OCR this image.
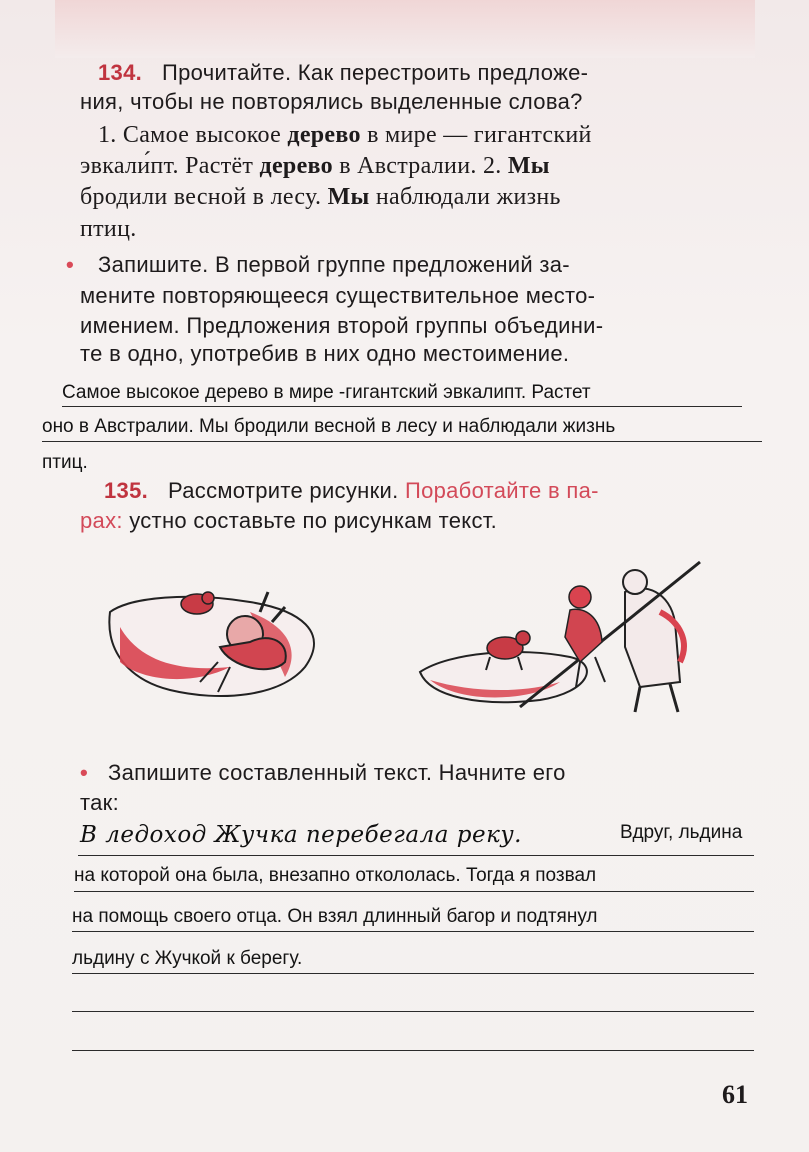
134. Прочитайте. Как перестроить предложе-
ния, чтобы не повторялись выделенные слова?
1. Самое высокое дерево в мире — гигантский
эвкали́пт. Растёт дерево в Австралии. 2. Мы
бродили весной в лесу. Мы наблюдали жизнь
птиц.
• Запишите. В первой группе предложений за-
мените повторяющееся существительное место-
имением. Предложения второй группы объедини-
те в одно, употребив в них одно местоимение.
Самое высокое дерево в мире -гигантский эвкалипт. Растет
оно в Австралии. Мы бродили весной в лесу и наблюдали жизнь
птиц.
135. Рассмотрите рисунки. Поработайте в па-
рах: устно составьте по рисункам текст.
• Запишите составленный текст. Начните его
так:
В ледоход Жучка перебегала реку.	Вдруг, льдина
на которой она была, внезапно откололась. Тогда я позвал
на помощь своего отца. Он взял длинный багор и подтянул
льдину с Жучкой к берегу.
61
